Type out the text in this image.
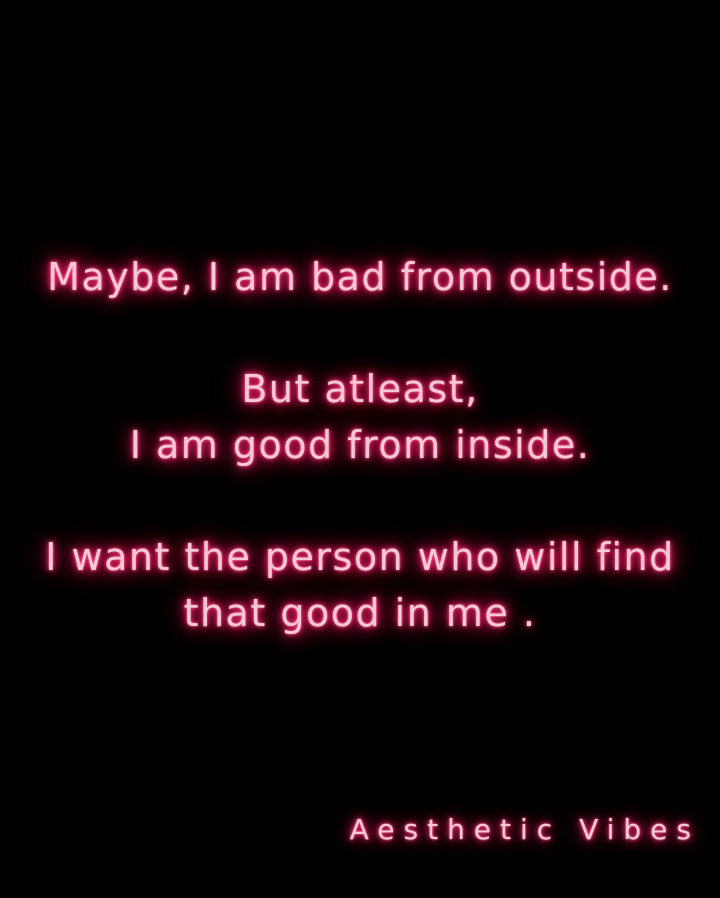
Maybe, I am bad from outside.
But atleast,
I am good from inside.
I want the person who will find
that good in me .
Aesthetic Vibes
